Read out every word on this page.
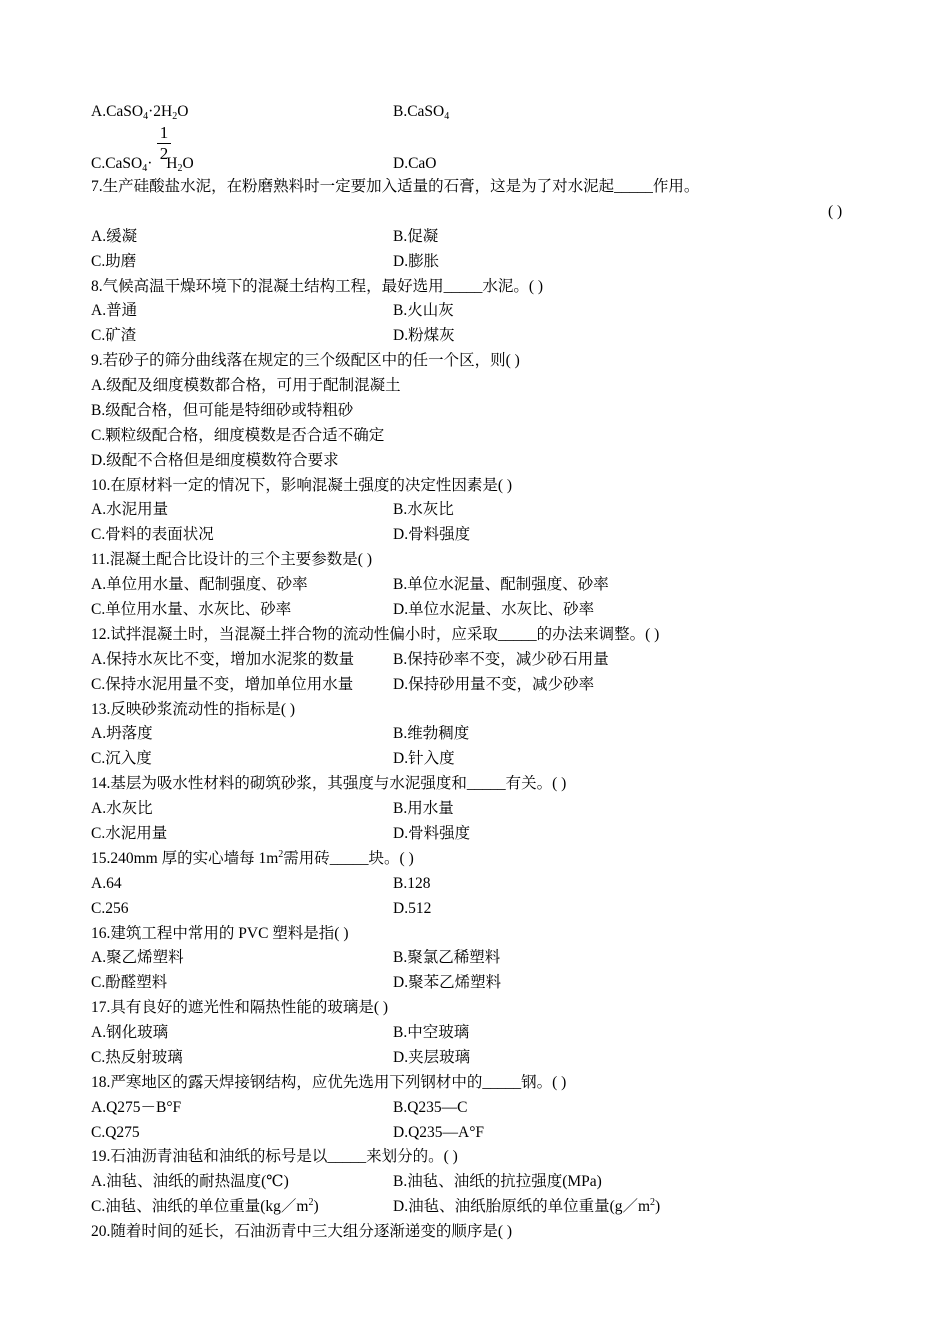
$A.CaSO_4\cdot 2H_2O$	B.CaSO$_4$
1
2
C.CaSO$_4$· $H_2O$	D.CaO
7.生产硅酸盐水泥，在粉磨熟料时一定要加入适量的石膏，这是为了对水泥起_____作用。
( )
A.缓凝	B.促凝
C.助磨	D.膨胀
8.气候高温干燥环境下的混凝土结构工程，最好选用_____水泥。( )
A.普通	B.火山灰
C.矿渣	D.粉煤灰
9.若砂子的筛分曲线落在规定的三个级配区中的任一个区，则( )
A.级配及细度模数都合格，可用于配制混凝土
B.级配合格，但可能是特细砂或特粗砂
C.颗粒级配合格，细度模数是否合适不确定
D.级配不合格但是细度模数符合要求
10.在原材料一定的情况下，影响混凝土强度的决定性因素是( )
A.水泥用量	B.水灰比
C.骨料的表面状况	D.骨料强度
11.混凝土配合比设计的三个主要参数是( )
A.单位用水量、配制强度、砂率	B.单位水泥量、配制强度、砂率
C.单位用水量、水灰比、砂率	D.单位水泥量、水灰比、砂率
12.试拌混凝土时，当混凝土拌合物的流动性偏小时，应采取_____的办法来调整。( )
A.保持水灰比不变，增加水泥浆的数量	B.保持砂率不变，减少砂石用量
C.保持水泥用量不变，增加单位用水量	D.保持砂用量不变，减少砂率
13.反映砂浆流动性的指标是( )
A.坍落度	B.维勃稠度
C.沉入度	D.针入度
14.基层为吸水性材料的砌筑砂浆，其强度与水泥强度和_____有关。( )
A.水灰比	B.用水量
C.水泥用量	D.骨料强度
15.240mm 厚的实心墙每 $1m^2$需用砖_____块。( )
A.64	B.128
C.256	D.512
16.建筑工程中常用的 PVC 塑料是指( )
A.聚乙烯塑料	B.聚氯乙稀塑料
C.酚醛塑料	D.聚苯乙烯塑料
17.具有良好的遮光性和隔热性能的玻璃是( )
A.钢化玻璃	B.中空玻璃
C.热反射玻璃	D.夹层玻璃
18.严寒地区的露天焊接钢结构，应优先选用下列钢材中的_____钢。( )
A.Q275－B°F	B.Q235—C
C.Q275	D.Q235—A°F
19.石油沥青油毡和油纸的标号是以_____来划分的。( )
A.油毡、油纸的耐热温度(℃)	B.油毡、油纸的抗拉强度(MPa)
C.油毡、油纸的单位重量$(kg/m^2)$	D.油毡、油纸胎原纸的单位重量$(g/m^2)$
20.随着时间的延长，石油沥青中三大组分逐渐递变的顺序是( )
